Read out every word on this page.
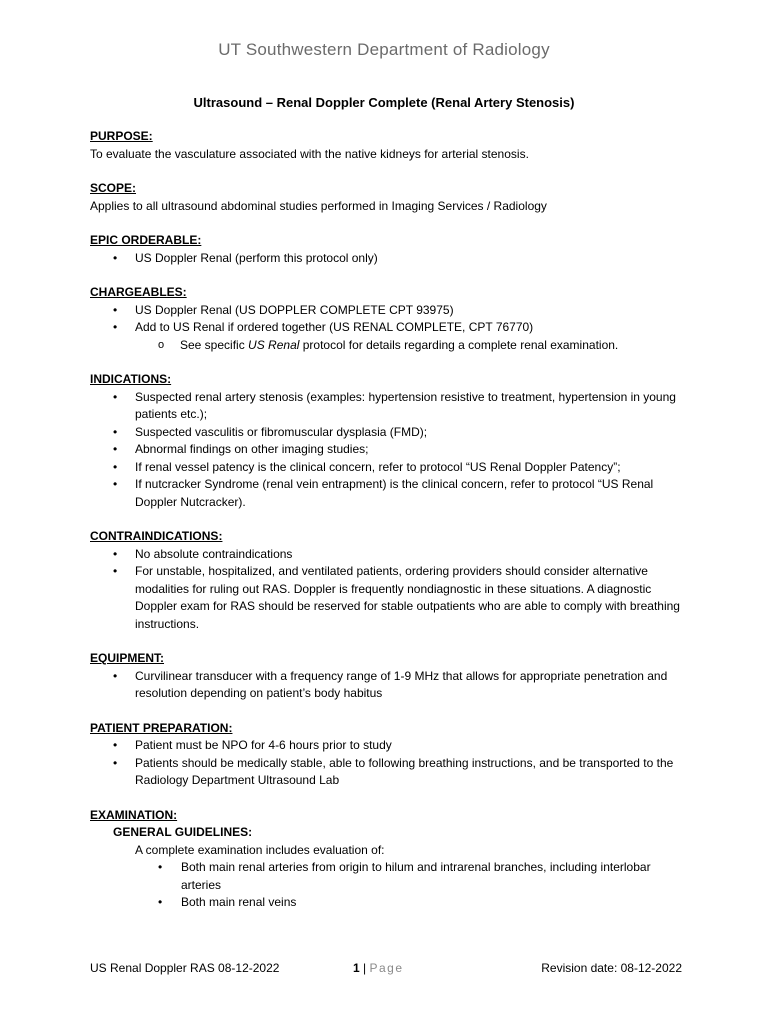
UT Southwestern Department of Radiology
Ultrasound – Renal Doppler Complete (Renal Artery Stenosis)
PURPOSE:
To evaluate the vasculature associated with the native kidneys for arterial stenosis.
SCOPE:
Applies to all ultrasound abdominal studies performed in Imaging Services / Radiology
EPIC ORDERABLE:
• US Doppler Renal (perform this protocol only)
CHARGEABLES:
• US Doppler Renal (US DOPPLER COMPLETE CPT 93975)
• Add to US Renal if ordered together (US RENAL COMPLETE, CPT 76770)
o See specific US Renal protocol for details regarding a complete renal examination.
INDICATIONS:
• Suspected renal artery stenosis (examples: hypertension resistive to treatment, hypertension in young patients etc.);
• Suspected vasculitis or fibromuscular dysplasia (FMD);
• Abnormal findings on other imaging studies;
• If renal vessel patency is the clinical concern, refer to protocol “US Renal Doppler Patency”;
• If nutcracker Syndrome (renal vein entrapment) is the clinical concern, refer to protocol “US Renal Doppler Nutcracker).
CONTRAINDICATIONS:
• No absolute contraindications
• For unstable, hospitalized, and ventilated patients, ordering providers should consider alternative modalities for ruling out RAS. Doppler is frequently nondiagnostic in these situations. A diagnostic Doppler exam for RAS should be reserved for stable outpatients who are able to comply with breathing instructions.
EQUIPMENT:
• Curvilinear transducer with a frequency range of 1-9 MHz that allows for appropriate penetration and resolution depending on patient’s body habitus
PATIENT PREPARATION:
• Patient must be NPO for 4-6 hours prior to study
• Patients should be medically stable, able to following breathing instructions, and be transported to the Radiology Department Ultrasound Lab
EXAMINATION:
GENERAL GUIDELINES:
A complete examination includes evaluation of:
• Both main renal arteries from origin to hilum and intrarenal branches, including interlobar arteries
• Both main renal veins
US Renal Doppler RAS 08-12-2022	1 | Page	Revision date: 08-12-2022
